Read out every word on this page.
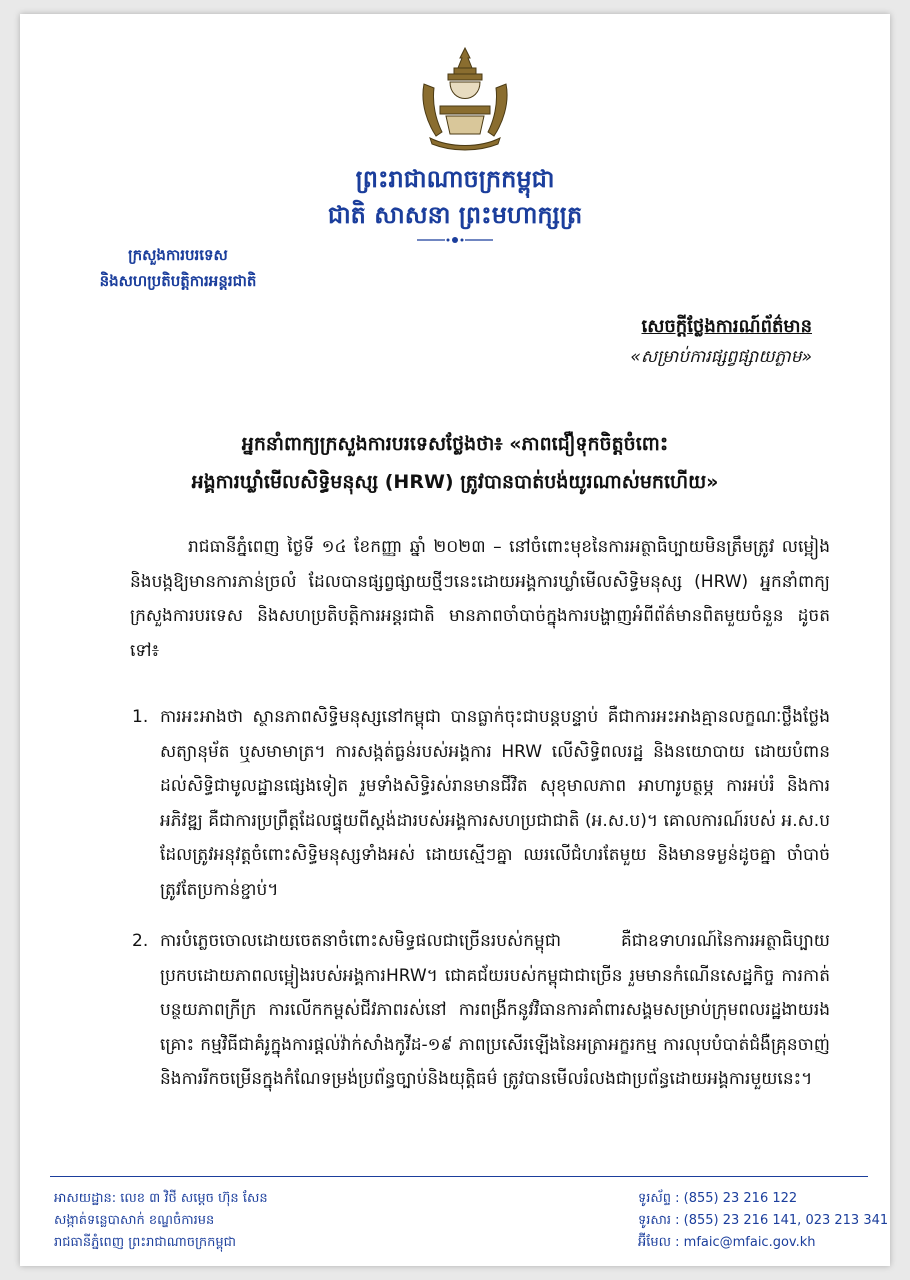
ព្រះរាជាណាចក្រកម្ពុជា
ជាតិ សាសនា ព្រះមហាក្សត្រ
ក្រសួងការបរទេស
និងសហប្រតិបត្តិការអន្តរជាតិ
សេចក្តីថ្លែងការណ៍ព័ត៌មាន
«សម្រាប់ការផ្សព្វផ្សាយភ្លាម»
អ្នកនាំពាក្យក្រសួងការបរទេសថ្លែងថា៖ «ភាពជឿទុកចិត្តចំពោះ
អង្គការឃ្លាំមើលសិទ្ធិមនុស្ស (HRW) ត្រូវបានបាត់បង់យូរណាស់មកហើយ»

រាជធានីភ្នំពេញ ថ្ងៃទី ១៤ ខែកញ្ញា ឆ្នាំ ២០២៣ – នៅចំពោះមុខនៃការអត្ថាធិប្បាយមិនត្រឹមត្រូវ លម្អៀង និងបង្កឱ្យមានការភាន់ច្រលំ ដែលបានផ្សព្វផ្សាយថ្មីៗនេះដោយអង្គការឃ្លាំមើលសិទ្ធិមនុស្ស (HRW) អ្នកនាំពាក្យក្រសួងការបរទេស និងសហប្រតិបត្តិការអន្តរជាតិ មានភាពចាំបាច់ក្នុងការបង្ហាញអំពីព័ត៌មានពិតមួយចំនួន ដូចតទៅ៖

1. ការអះអាងថា ស្ថានភាពសិទ្ធិមនុស្សនៅកម្ពុជា បានធ្លាក់ចុះជាបន្តបន្ទាប់ គឺជាការអះអាងគ្មានលក្ខណៈថ្លឹងថ្លែង សត្យានុម័ត ឬសមាមាត្រ។ ការសង្កត់ធ្ងន់របស់អង្គការ HRW លើសិទ្ធិពលរដ្ឋ និងនយោបាយ ដោយបំពានដល់សិទ្ធិជាមូលដ្ឋានផ្សេងទៀត រួមទាំងសិទ្ធិរស់រានមានជីវិត សុខុមាលភាព អាហារូបត្ថម្ភ ការអប់រំ និងការអភិវឌ្ឍ គឺជាការប្រព្រឹត្តដែលផ្ទុយពីស្តង់ដារបស់អង្គការសហប្រជាជាតិ (អ.ស.ប)។ គោលការណ៍របស់ អ.ស.ប ដែលត្រូវអនុវត្តចំពោះសិទ្ធិមនុស្សទាំងអស់ ដោយស្មើៗគ្នា ឈរលើជំហរតែមួយ និងមានទម្ងន់ដូចគ្នា ចាំបាច់ត្រូវតែប្រកាន់ខ្ជាប់។
2. ការបំភ្លេចចោលដោយចេតនាចំពោះសមិទ្ធផលជាច្រើនរបស់កម្ពុជា គឺជាឧទាហរណ៍នៃការអត្ថាធិប្បាយប្រកបដោយភាពលម្អៀងរបស់អង្គការHRW។ ជោគជ័យរបស់កម្ពុជាជាច្រើន រួមមានកំណើនសេដ្ឋកិច្ច ការកាត់បន្ថយភាពក្រីក្រ ការលើកកម្ពស់ជីវភាពរស់នៅ ការពង្រីកនូវវិធានការគាំពារសង្គមសម្រាប់ក្រុមពលរដ្ឋងាយរងគ្រោះ កម្មវិធីជាគំរូក្នុងការផ្តល់វ៉ាក់សាំងកូវីដ-១៩ ភាពប្រសើរឡើងនៃអត្រាអក្ខរកម្ម ការលុបបំបាត់ជំងឺគ្រុនចាញ់ និងការរីកចម្រើនក្នុងកំណែទម្រង់ប្រព័ន្ធច្បាប់និងយុត្តិធម៌ ត្រូវបានមើលរំលងជាប្រព័ន្ធដោយអង្គការមួយនេះ។
អាសយដ្ឋាន: លេខ ៣ វិថី សម្តេច ហ៊ុន សែន
សង្កាត់ទន្លេបាសាក់ ខណ្ឌចំការមន
រាជធានីភ្នំពេញ ព្រះរាជាណាចក្រកម្ពុជា
ទូរស័ព្ទ : (855) 23 216 122
ទូរសារ : (855) 23 216 141, 023 213 341
អ៊ីមែល : mfaic@mfaic.gov.kh
